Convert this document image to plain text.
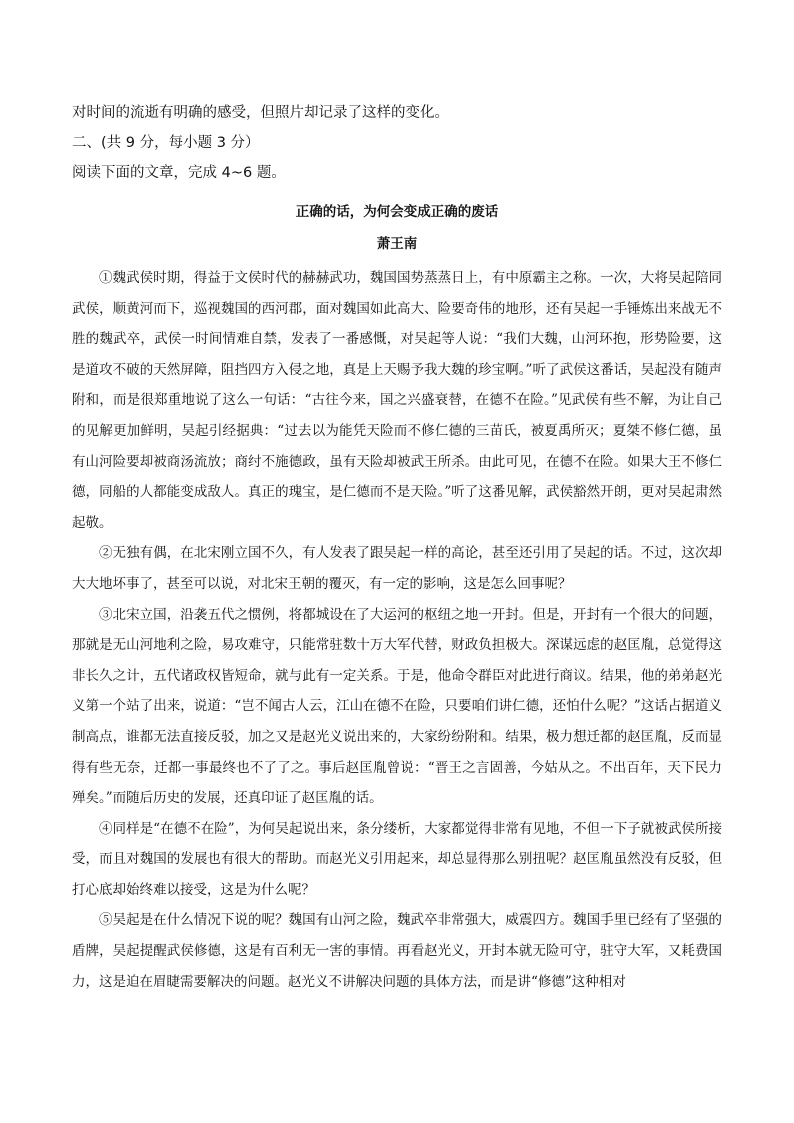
对时间的流逝有明确的感受，但照片却记录了这样的变化。

二、(共 9 分，每小题 3 分）

阅读下面的文章，完成 4~6 题。

正确的话，为何会变成正确的废话
萧王南

①魏武侯时期，得益于文侯时代的赫赫武功，魏国国势蒸蒸日上，有中原霸主之称。一次，大将吴起陪同武侯，顺黄河而下，巡视魏国的西河郡，面对魏国如此高大、险要奇伟的地形，还有吴起一手锤炼出来战无不胜的魏武卒，武侯一时间情难自禁，发表了一番感慨，对吴起等人说：“我们大魏，山河环抱，形势险要，这是道攻不破的天然屏障，阻挡四方入侵之地，真是上天赐予我大魏的珍宝啊。”听了武侯这番话，吴起没有随声附和，而是很郑重地说了这么一句话：“古往今来，国之兴盛衰替，在德不在险。”见武侯有些不解，为让自己的见解更加鲜明，吴起引经据典：“过去以为能凭天险而不修仁德的三苗氏，被夏禹所灭；夏桀不修仁德，虽有山河险要却被商汤流放；商纣不施德政，虽有天险却被武王所杀。由此可见，在德不在险。如果大王不修仁德，同船的人都能变成敌人。真正的瑰宝，是仁德而不是天险。”听了这番见解，武侯豁然开朗，更对吴起肃然起敬。

②无独有偶，在北宋刚立国不久，有人发表了跟吴起一样的高论，甚至还引用了吴起的话。不过，这次却大大地坏事了，甚至可以说，对北宋王朝的覆灭，有一定的影响，这是怎么回事呢？

③北宋立国，沿袭五代之惯例，将都城设在了大运河的枢纽之地一开封。但是，开封有一个很大的问题，那就是无山河地利之险，易攻难守，只能常驻数十万大军代替，财政负担极大。深谋远虑的赵匡胤，总觉得这非长久之计，五代诸政权皆短命，就与此有一定关系。于是，他命令群臣对此进行商议。结果，他的弟弟赵光义第一个站了出来，说道：“岂不闻古人云，江山在德不在险，只要咱们讲仁德，还怕什么呢？”这话占据道义制高点，谁都无法直接反驳，加之又是赵光义说出来的，大家纷纷附和。结果，极力想迁都的赵匡胤，反而显得有些无奈，迁都一事最终也不了了之。事后赵匡胤曾说：“晋王之言固善，今姑从之。不出百年，天下民力殚矣。”而随后历史的发展，还真印证了赵匡胤的话。

④同样是“在德不在险”，为何吴起说出来，条分缕析，大家都觉得非常有见地，不但一下子就被武侯所接受，而且对魏国的发展也有很大的帮助。而赵光义引用起来，却总显得那么别扭呢？赵匡胤虽然没有反驳，但打心底却始终难以接受，这是为什么呢？

⑤吴起是在什么情况下说的呢？魏国有山河之险，魏武卒非常强大，威震四方。魏国手里已经有了坚强的盾牌，吴起提醒武侯修德，这是有百利无一害的事情。再看赵光义，开封本就无险可守，驻守大军，又耗费国力，这是迫在眉睫需要解决的问题。赵光义不讲解决问题的具体方法，而是讲“修德”这种相对
